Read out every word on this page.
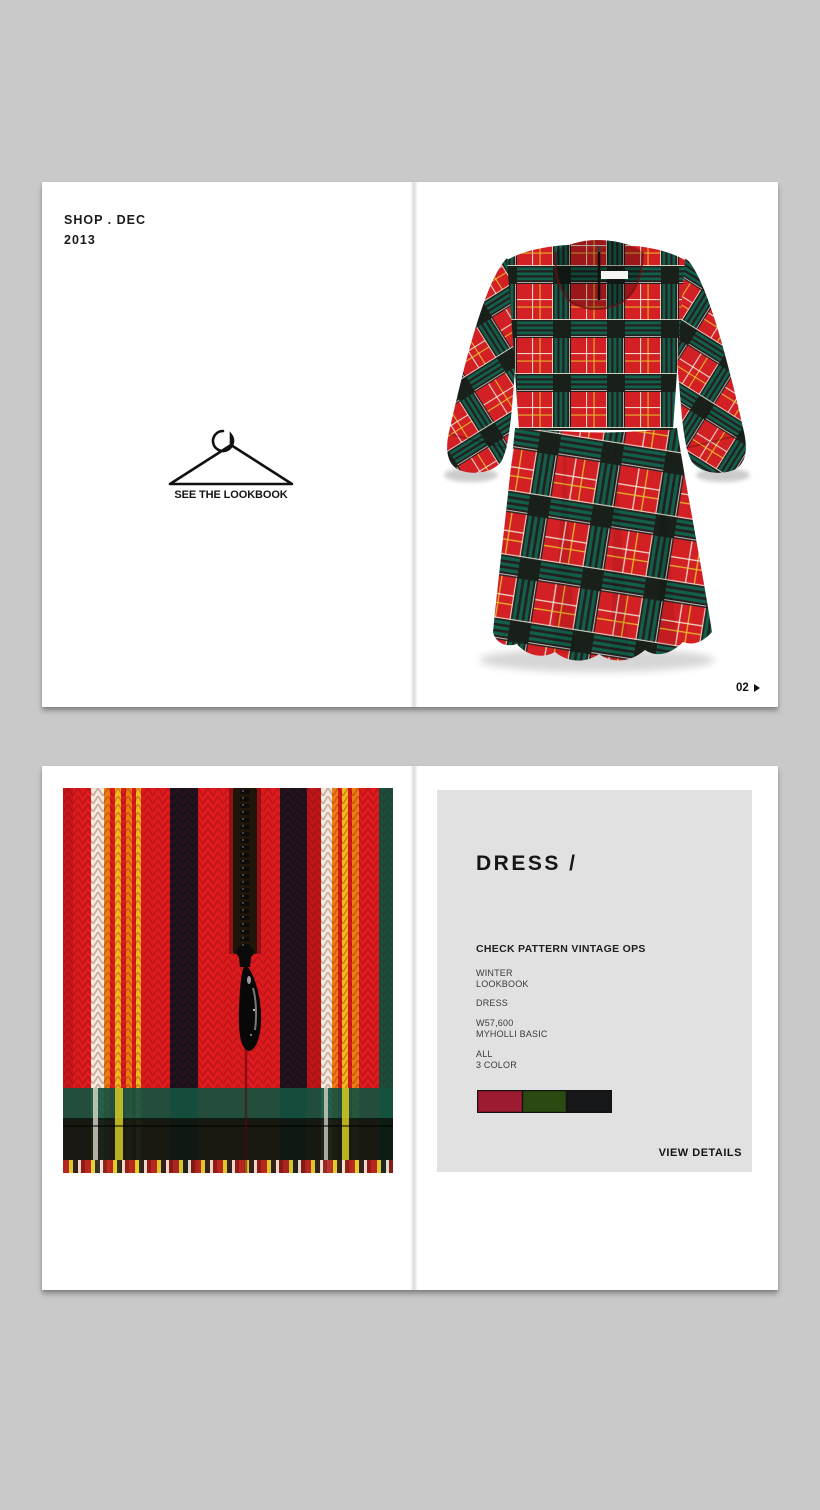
SHOP . DEC
2013
SEE THE LOOKBOOK
02
DRESS /
CHECK PATTERN VINTAGE OPS
WINTER
LOOKBOOK
DRESS
W57,600
MYHOLLI BASIC
ALL
3 COLOR
VIEW DETAILS
